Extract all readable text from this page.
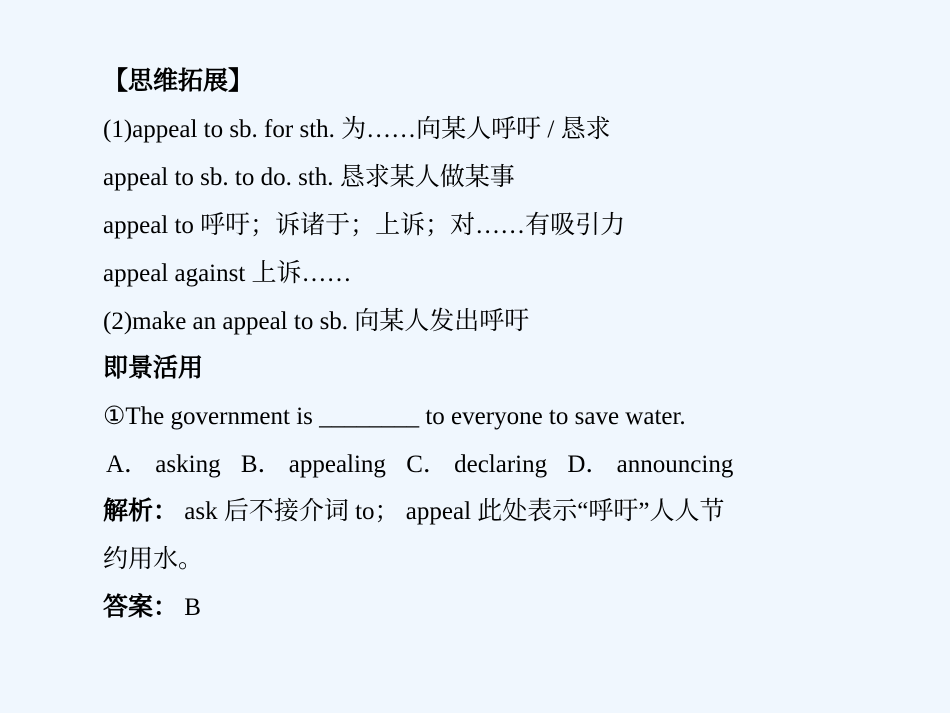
【思维拓展】
(1)appeal to sb. for sth. 为……向某人呼吁 / 恳求
appeal to sb. to do. sth. 恳求某人做某事
appeal to 呼吁；诉诸于；上诉；对……有吸引力
appeal against 上诉……
(2)make an appeal to sb. 向某人发出呼吁
即景活用
①The government is ________ to everyone to save water.
A． asking B． appealing C． declaring D． announcing
解析： ask 后不接介词 to； appeal 此处表示“呼吁”人人节
约用水。
答案： B
